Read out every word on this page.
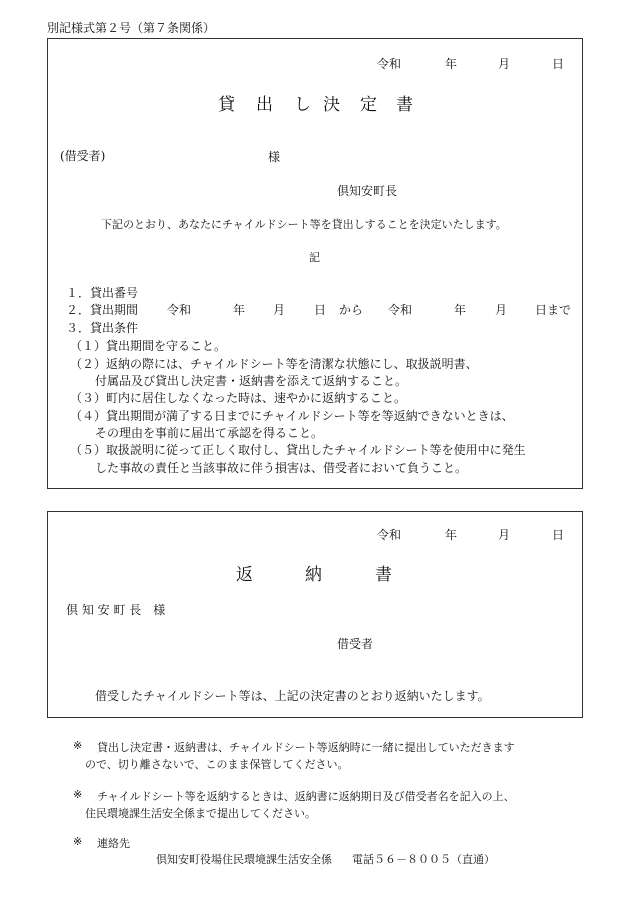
別記様式第２号（第７条関係）
令和	年	月	日
貸 出 し 決 定 書
(借受者)	様
倶知安町長
下記のとおり、あなたにチャイルドシート等を貸出しすることを決定いたします。
記
１．貸出番号
２．貸出期間 令和	年 月 日 から 令和	年 月 日まで
３．貸出条件
（１）貸出期間を守ること。
（２）返納の際には、チャイルドシート等を清潔な状態にし、取扱説明書、
付属品及び貸出し決定書・返納書を添えて返納すること。
（３）町内に居住しなくなった時は、速やかに返納すること。
（４）貸出期間が満了する日までにチャイルドシート等を等返納できないときは、
その理由を事前に届出て承認を得ること。
（５）取扱説明に従って正しく取付し、貸出したチャイルドシート等を使用中に発生
した事故の責任と当該事故に伴う損害は、借受者において負うこと。
令和	年	月	日
返	納	書
倶 知 安 町 長　様
借受者
借受したチャイルドシート等は、上記の決定書のとおり返納いたします。
※ 貸出し決定書・返納書は、チャイルドシート等返納時に一緒に提出していただきます
ので、切り離さないで、このまま保管してください。
※ チャイルドシート等を返納するときは、返納書に返納期日及び借受者名を記入の上、
住民環境課生活安全係まで提出してください。
※ 連絡先
倶知安町役場住民環境課生活安全係 電話５６－８００５（直通）
